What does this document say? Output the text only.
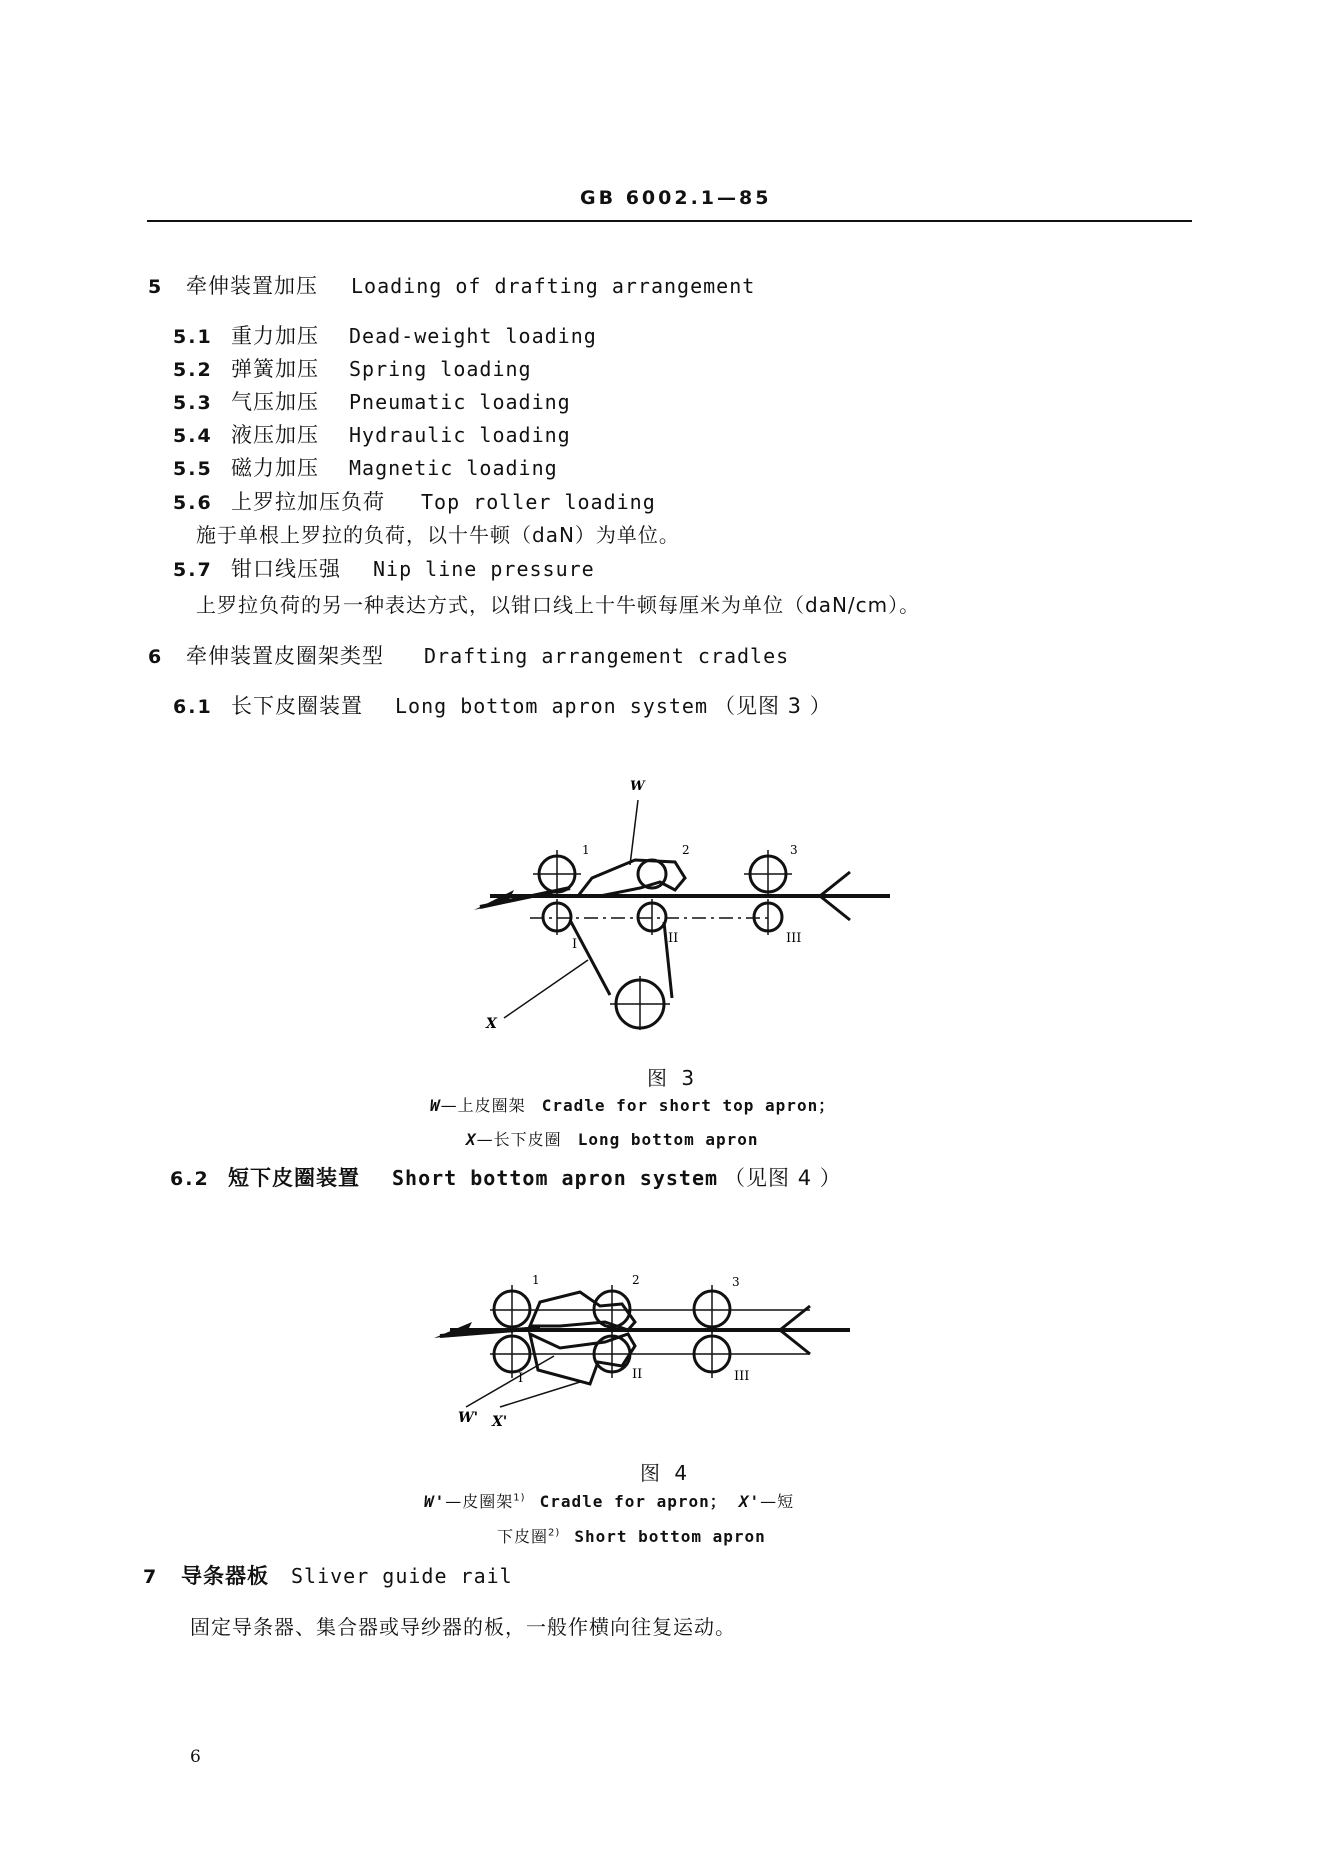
GB 6002.1—85
5	牵伸装置加压	Loading of drafting arrangement
5.1 重力加压	Dead-weight loading
5.2 弹簧加压	Spring loading
5.3 气压加压	Pneumatic loading
5.4 液压加压	Hydraulic loading
5.5 磁力加压	Magnetic loading
5.6 上罗拉加压负荷	Top roller loading
施于单根上罗拉的负荷，以十牛顿（daN）为单位。
5.7 钳口线压强	Nip line pressure
上罗拉负荷的另一种表达方式，以钳口线上十牛顿每厘米为单位（daN/cm）。
6	牵伸装置皮圈架类型	Drafting arrangement cradles
6.1 长下皮圈装置	Long bottom apron system （见图 3 ）
W
X
1	2	3
I	II	III
图 3
W—上皮圈架 Cradle for short top apron；
X—长下皮圈 Long bottom apron
6.2 短下皮圈装置	Short bottom apron system （见图 4 ）
1	2	3
I	II	III
W' X'
图 4
W'—皮圈架$^{1)}$ Cradle for apron； X'—短
下皮圈$^{2)}$ Short bottom apron
7	导条器板	Sliver guide rail
固定导条器、集合器或导纱器的板，一般作横向往复运动。
6
